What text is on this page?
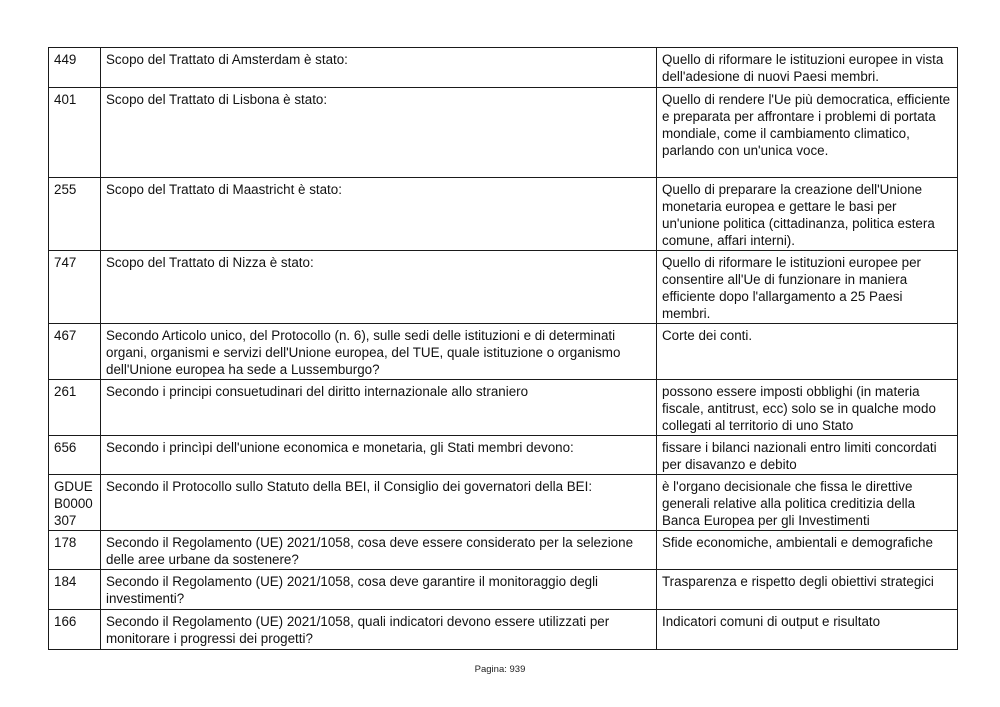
449	Scopo del Trattato di Amsterdam è stato:	Quello di riformare le istituzioni europee in vista dell'adesione di nuovi Paesi membri.
401	Scopo del Trattato di Lisbona è stato:	Quello di rendere l'Ue più democratica, efficiente e preparata per affrontare i problemi di portata mondiale, come il cambiamento climatico, parlando con un'unica voce.
255	Scopo del Trattato di Maastricht è stato:	Quello di preparare la creazione dell'Unione monetaria europea e gettare le basi per un'unione politica (cittadinanza, politica estera comune, affari interni).
747	Scopo del Trattato di Nizza è stato:	Quello di riformare le istituzioni europee per consentire all'Ue di funzionare in maniera efficiente dopo l'allargamento a 25 Paesi membri.
467	Secondo Articolo unico, del Protocollo (n. 6), sulle sedi delle istituzioni e di determinati organi, organismi e servizi dell'Unione europea, del TUE, quale istituzione o organismo dell'Unione europea ha sede a Lussemburgo?	Corte dei conti.
261	Secondo i principi consuetudinari del diritto internazionale allo straniero	possono essere imposti obblighi (in materia fiscale, antitrust, ecc) solo se in qualche modo collegati al territorio di uno Stato
656	Secondo i princìpi dell'unione economica e monetaria, gli Stati membri devono:	fissare i bilanci nazionali entro limiti concordati per disavanzo e debito
GDUE B0000 307	Secondo il Protocollo sullo Statuto della BEI, il Consiglio dei governatori della BEI:	è l'organo decisionale che fissa le direttive generali relative alla politica creditizia della Banca Europea per gli Investimenti
178	Secondo il Regolamento (UE) 2021/1058, cosa deve essere considerato per la selezione delle aree urbane da sostenere?	Sfide economiche, ambientali e demografiche
184	Secondo il Regolamento (UE) 2021/1058, cosa deve garantire il monitoraggio degli investimenti?	Trasparenza e rispetto degli obiettivi strategici
166	Secondo il Regolamento (UE) 2021/1058, quali indicatori devono essere utilizzati per monitorare i progressi dei progetti?	Indicatori comuni di output e risultato
Pagina: 939
